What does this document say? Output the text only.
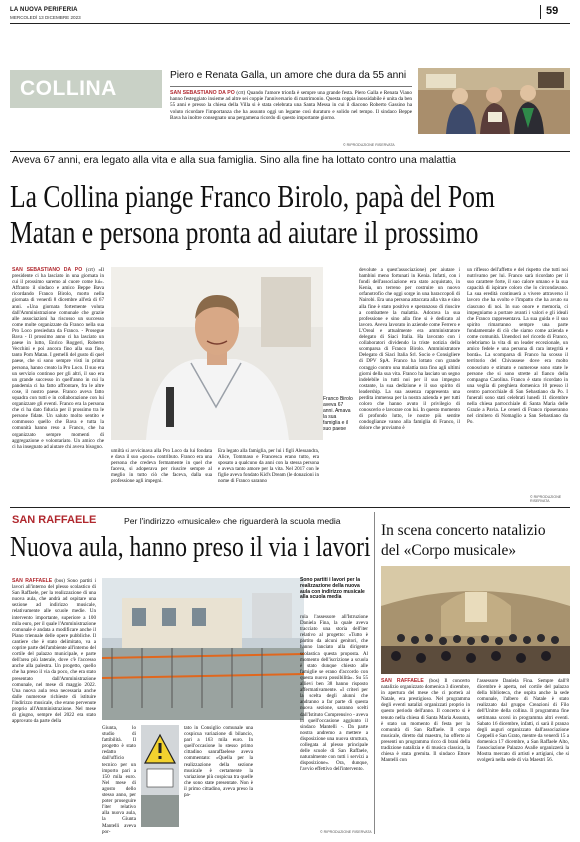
LA NUOVA PERIFERIA
MERCOLEDÌ 13 DICEMBRE 2023
59
COLLINA
Piero e Renata Galla, un amore che dura da 55 anni
SAN SEBASTIANO DA PO (crt) Quando l'amore trionfa è sempre una grande festa. Piero Galla e Renata Viano hanno festeggiato insieme ad altre sei coppie l'anniversario di matrimonio. Questa coppia inossidabile è unita da ben 55 anni e presso la chiesa della Villa si è stata celebrata una Santa Messa in cui il diacono Roberto Gassino ha voluto ricordare l'importanza che ha assunto oggi un legame così duraturo e solido nel tempo. Il sindaco Beppe Bava ha inoltre consegnato una pergamena ricordo di questo importante giorno.
© RIPRODUZIONE RISERVATA
Aveva 67 anni, era legato alla vita e alla sua famiglia. Sino alla fine ha lottato contro una malattia
La Collina piange Franco Birolo, papà del Pom
Matan e persona pronta ad aiutare il prossimo
SAN SEBASTIANO DA PO (crt) «Il presidente ci ha lasciato in una giornata in cui il prossimo saremo al cuore come lui». Affranto il sindaco e amico Beppe Bava ricordando Franco Birolo, morto nella giornata di venerdì 8 dicembre all'età di 67 anni. «Una giornata fortemente voluta dall'Amministrazione comunale che grazie alle associazioni ha riscosso un successo come molte organizzate da Franco nella sua Pro Loco presieduta da Franco. - Prosegue Bava - Il prossimo anno ci ha lasciato un paese in lutto, Enrico Roggeri, Roberto Vecchini e poi ancora fino alla sua fine, tanto Pom Matan. I gemelli del gusto di quel paese, che si sono sempre visti in prima persona, hanno creato la Pro Loco. Il suo era un servizio continuo per gli altri, il suo era un grande successo in quell'anno in cui la pandemia ci ha fatto affrontare, fra le altre cose, il nostro paese. Franco aveva fatto squadra con tutti e in collaborazione con lui organizzare gli eventi. Franco era la persona che ci ha dato fiducia per il prossimo tra le persone fidate. Un saluto molto sentito e commosso quello che Bava e tutta la comunità hanno reso a Franco, che ha organizzato sempre momenti di aggregazione e volontariato. Un amico che ci ha insegnato ad aiutare chi aveva bisogno.
Franco Birolo aveva 67 anni. Amava la sua famiglia e il suo paese
umiltà si avvicinava alla Pro Loco da lui fondata e dava il suo «poco» contributo. Franco era una persona che credeva fermamente in quel che faceva, si adoperava per riuscire sempre al meglio in tutto ciò che faceva, dalla sua professione agli impegni.
Era legato alla famiglia, per lui i figli Alessandra, Alice, Tommaso e Francesca erano tutto, era sposato a qualcuno da anni con la stessa persona e aveva tanto amore per la vita. Nel 2017 con le figlie aveva fondato Kid's Dream (le donazioni in nome di Franco saranno
devolute a quest'associazione) per aiutare i bambini meno fortunati in Kenia. Infatti, con i fondi dell'associazione era stato acquistato, in Kenia, un terreno per costruire un nuovo orfanotrofio che oggi sorge in una baraccopoli di Nairobi. Era una persona attaccata alla vita e sino alla fine è stato positivo e speranzoso di riuscire a combattere la malattia. Adorava la sua professione e sino alla fine si è dedicato al lavoro. Aveva lavorato in aziende come Ferrero e L'Oreal e attualmente era amministratore delegato di Siaci Italia. Ha lavorato con i collaboratori dividendo la triste notizia della scomparsa di Franco Birolo. Amministratore Delegato di Siaci Italia Srl. Socio e Consigliere di DPV SpA. Franco ha lottato con grande coraggio contro una malattia rara fino agli ultimi giorni della sua vita. Franco ha lasciato un segno indelebile in tutti noi per il suo impegno costante, la sua dedizione e il suo spirito di leadership. La sua assenza rappresenta una perdita immensa per la nostra azienda e per tutti coloro che hanno avuto il privilegio di conoscerlo e lavorare con lui. In questo momento di profondo lutto, le nostre più sentite condoglianze vanno alla famiglia di Franco, il dolore che proviamo è
un riflesso dell'affetto e del rispetto che tutti noi nutrivamo per lui. Franco sarà ricordato per il suo carattere forte, il suo calore umano e la sua capacità di ispirare coloro che lo circondavano. La sua eredità continuerà a vivere attraverso il lavoro che ha svolto e l'impatto che ha avuto su ciascuno di noi. In suo onore e memoria, ci impegniamo a portare avanti i valori e gli ideali che Franco rappresentava. La sua guida e il suo spirito rimarranno sempre una parte fondamentale di ciò che siamo come azienda e come comunità. Unendoci nel ricordo di Franco, celebriamo la vita di un leader eccezionale, un amico fedele e una persona di rara integrità e bontà». La scomparsa di Franco ha scosso il territorio del Chivassese dove era molto conosciuto e stimato e numerose sono state le persone che si sono strette al fianco della compagna Carolina. Franco è stato ricordato in una veglia di preghiera domenica 10 presso il centro parrocchiale di San Sebastiano da Po. I funerali sono stati celebrati lunedì 11 dicembre nella chiesa parrocchiale di Santa Maria delle Grazie a Pavia. Le ceneri di Franco riposeranno nel cimitero di Nomaglio a San Sebastiano da Po.
© RIPRODUZIONE RISERVATA
SAN RAFFAELE	Per l'indirizzo «musicale» che riguarderà la scuola media
Nuova aula, hanno preso il via i lavori
SAN RAFFAELE (bos) Sono partiti i lavori all'interno del plesso scolastico di San Raffaele, per la realizzazione di una nuova aula, che andrà ad ospitare una sezione ad indirizzo musicale, relativamente alle scuole medie. Un intervento importante, superiore a 100 mila euro, per il quale l'Amministrazione comunale è andata a modificare anche il Piano triennale delle opere pubbliche. Il cantiere che è stato delimitato, va a coprire parte dell'ambiente all'interno del cortile del palazzo municipale, e parte dell'area più laterale, dove c'è l'accesso anche alla palestra. Un progetto, quello che ha preso il via da poco, che era stato presentato dall'Amministrazione comunale, nel mese di maggio 2022. Una nuova aula resa necessaria anche dalle numerose richieste di istituire l'indirizzo musicale, che erano pervenute proprio all'Amministrazione. Nel mese di giugno, sempre del 2022 era stato approvato da parte della
Giunta, lo studio di fattibilità. Il progetto è stato redatto dall'ufficio tecnico per un importo pari a 150 mila euro. Nel mese di agosto dello stesso anno, per poter proseguire l'iter relativo alla nuova aula, la Giunta Mantelli aveva por-
tato in Consiglio comunale una cospicua variazione di bilancio, pari a 163 mila euro. In quell'occasione lo stesso primo cittadino sanraffaelese aveva commentato: «Quella per la realizzazione della sezione musicale è certamente la variazione più cospicua tra quelle che sono state presentate. Non è il primo cittadino, aveva preso la pa-
Sono partiti i lavori per la realizzazione della nuova aula con indirizzo musicale alla scuola media
rola l'assessore all'Istruzione Daniela Fina, la quale aveva tracciato una storia dell'iter relativo al progetto: «Tutto è partito da alcuni genitori, che hanno lanciato alla dirigente scolastica questa proposta. Al momento dell'iscrizione a scuola è stato dunque chiesto alle famiglie se erano d'accordo con questa nuova possibilità». Su 55 allievi ben 38 hanno risposto affermativamente. «I criteri per la scelta degli alunni che andranno a far parte di questa nuova sezione, saranno scelti dall'Istituto Comprensivo - aveva in quell'occasione aggiunto il sindaco Mantelli -. Da parte nostra andremo a mettere a disposizione una nuova struttura, collegata al plesso principale delle scuole di San Raffaele, naturalmente con tutti i servizi a disposizione». Ora, dunque, l'avvio effettivo dell'intervento.
© RIPRODUZIONE RISERVATA
In scena concerto natalizio
del «Corpo musicale»
SAN RAFFAELE (bos) Il concerto natalizio organizzato domenica 3 dicembre, in apertura del mese che ci porterà al Natale, era prestigioso. Nel programma degli eventi natalizi organizzati proprio in questo periodo dell'anno. Il concerto si è tenuto nella chiesa di Santa Maria Assunta, è stato un momento di festa per la comunità di San Raffaele. Il corpo musicale, diretto dal maestro, ha offerto ai presenti un programma ricco di brani della tradizione natalizia e di musica classica, la chiesa è stata gremita. Il sindaco Ettore Mantelli con
l'assessore Daniela Fina. Sempre dall'8 dicembre è aperta, nel cortile del palazzo della biblioteca, che ospita anche la sede comunale, l'albero di Natale è stato realizzato dal gruppo Creazioni di Filo dell'Unitre della collina. Il programma fine settimana scorsi in programma altri eventi. Sabato 16 dicembre, infatti, ci sarà il pranzo degli auguri organizzato dall'associazione Ceppelli e San Grato, mentre da venerdì 15 a domenica 17 dicembre, a San Raffaele Alto, l'associazione Palazzo Avalle organizzerà la Mostra mercato di artisti e artigiani, che si svolgerà nella sede di via Maestri 56.
